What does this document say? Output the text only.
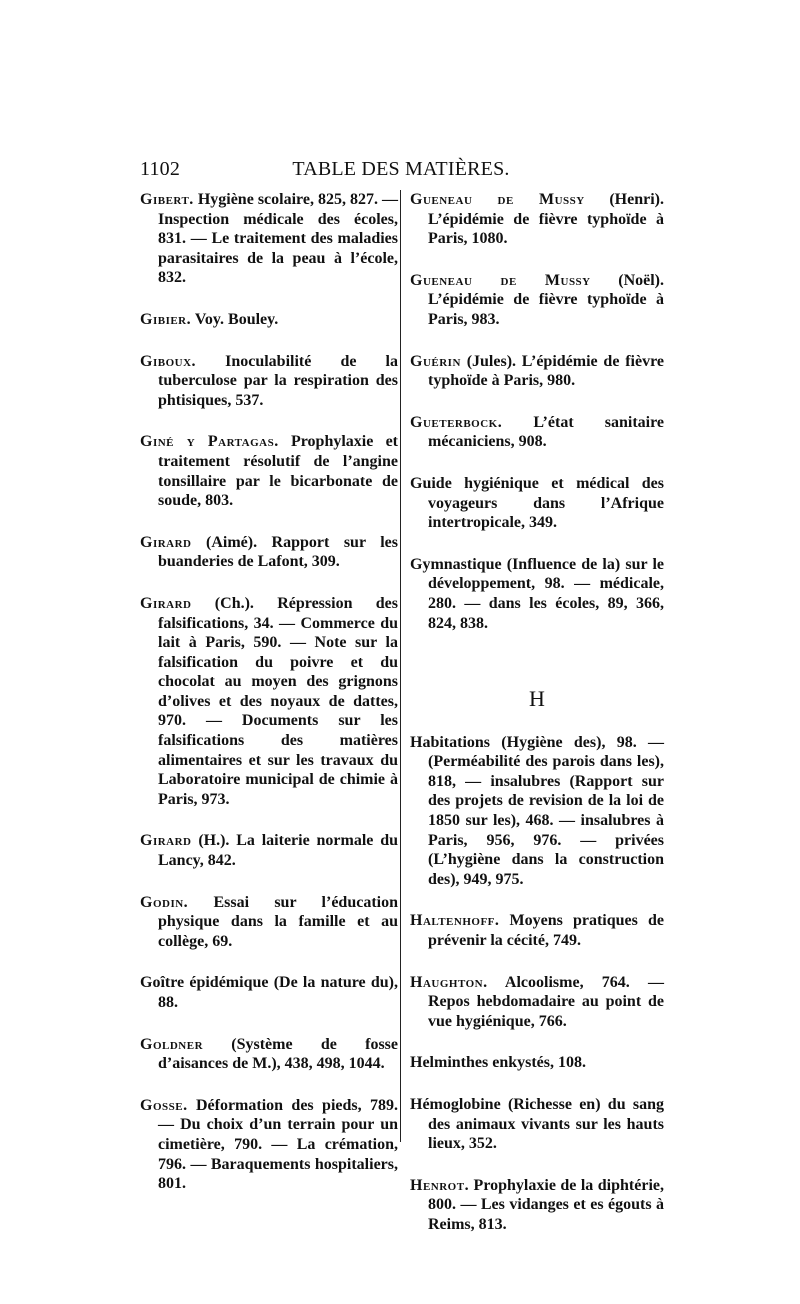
1102	TABLE DES MATIÈRES.
Gibert. Hygiène scolaire, 825, 827. — Inspection médicale des écoles, 831. — Le traitement des maladies parasitaires de la peau à l’école, 832.
Gibier. Voy. Bouley.
Giboux. Inoculabilité de la tuberculose par la respiration des phtisiques, 537.
Giné y Partagas. Prophylaxie et traitement résolutif de l’angine tonsillaire par le bicarbonate de soude, 803.
Girard (Aimé). Rapport sur les buanderies de Lafont, 309.
Girard (Ch.). Répression des falsifications, 34. — Commerce du lait à Paris, 590. — Note sur la falsification du poivre et du chocolat au moyen des grignons d’olives et des noyaux de dattes, 970. — Documents sur les falsifications des matières alimentaires et sur les travaux du Laboratoire municipal de chimie à Paris, 973.
Girard (H.). La laiterie normale du Lancy, 842.
Godin. Essai sur l’éducation physique dans la famille et au collège, 69.
Goître épidémique (De la nature du), 88.
Goldner (Système de fosse d’aisances de M.), 438, 498, 1044.
Gosse. Déformation des pieds, 789. — Du choix d’un terrain pour un cimetière, 790. — La crémation, 796. — Baraquements hospitaliers, 801.
Gueneau de Mussy (Henri). L’épidémie de fièvre typhoïde à Paris, 1080.
Gueneau de Mussy (Noël). L’épidémie de fièvre typhoïde à Paris, 983.
Guérin (Jules). L’épidémie de fièvre typhoïde à Paris, 980.
Gueterbock. L’état sanitaire mécaniciens, 908.
Guide hygiénique et médical des voyageurs dans l’Afrique intertropicale, 349.
Gymnastique (Influence de la) sur le développement, 98. — médicale, 280. — dans les écoles, 89, 366, 824, 838.
H
Habitations (Hygiène des), 98. — (Perméabilité des parois dans les), 818, — insalubres (Rapport sur des projets de revision de la loi de 1850 sur les), 468. — insalubres à Paris, 956, 976. — privées (L’hygiène dans la construction des), 949, 975.
Haltenhoff. Moyens pratiques de prévenir la cécité, 749.
Haughton. Alcoolisme, 764. — Repos hebdomadaire au point de vue hygiénique, 766.
Helminthes enkystés, 108.
Hémoglobine (Richesse en) du sang des animaux vivants sur les hauts lieux, 352.
Henrot. Prophylaxie de la diphtérie, 800. — Les vidanges et es égouts à Reims, 813.
